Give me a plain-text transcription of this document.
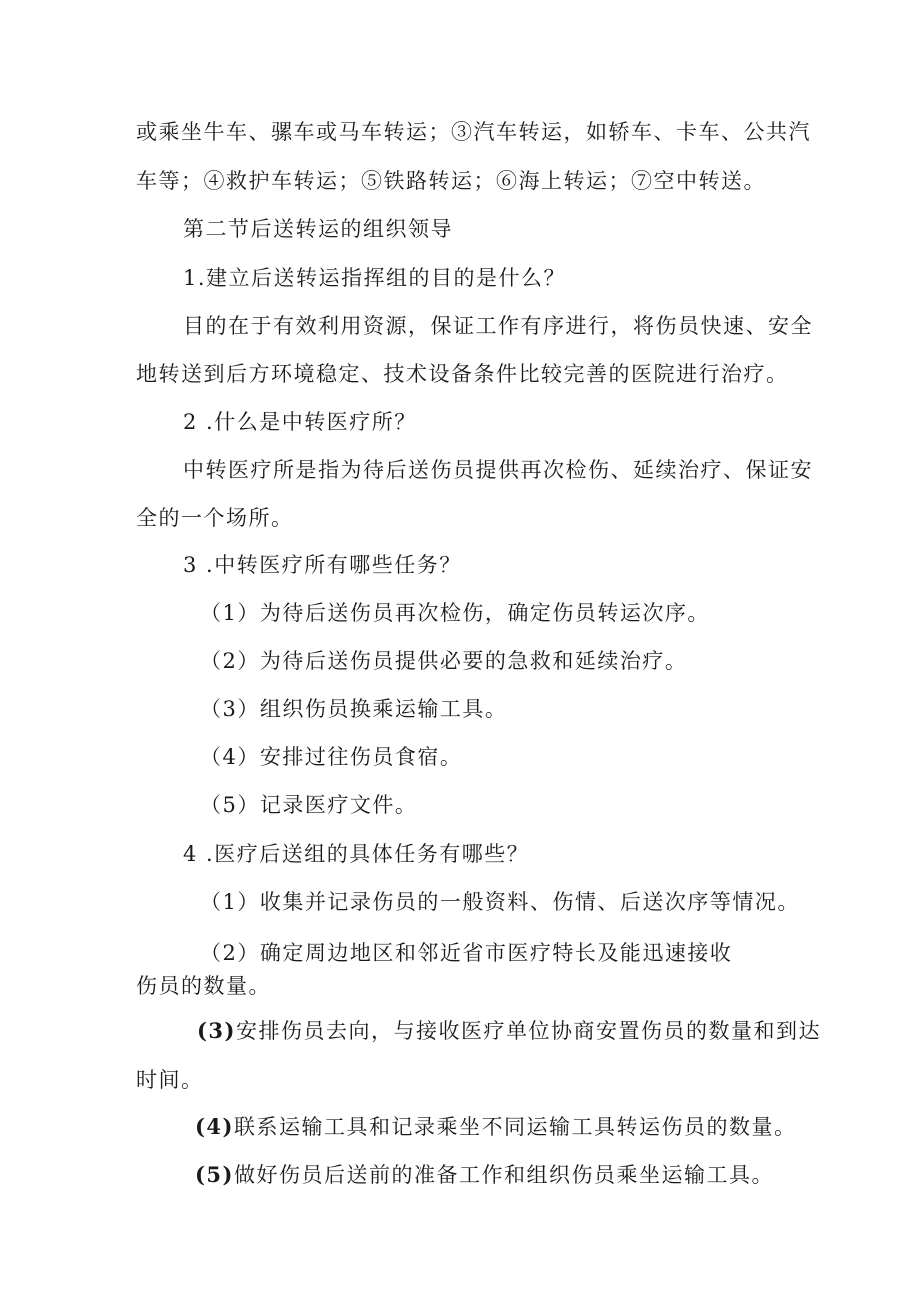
或乘坐牛车、骡车或马车转运；③汽车转运，如轿车、卡车、公共汽
车等；④救护车转运；⑤铁路转运；⑥海上转运；⑦空中转送。
第二节后送转运的组织领导
1.建立后送转运指挥组的目的是什么？
目的在于有效利用资源，保证工作有序进行，将伤员快速、安全
地转送到后方环境稳定、技术设备条件比较完善的医院进行治疗。
2 .什么是中转医疗所？
中转医疗所是指为待后送伤员提供再次检伤、延续治疗、保证安
全的一个场所。
3 .中转医疗所有哪些任务？
（1）为待后送伤员再次检伤，确定伤员转运次序。
（2）为待后送伤员提供必要的急救和延续治疗。
（3）组织伤员换乘运输工具。
（4）安排过往伤员食宿。
（5）记录医疗文件。
4 .医疗后送组的具体任务有哪些？
（1）收集并记录伤员的一般资料、伤情、后送次序等情况。
（2）确定周边地区和邻近省市医疗特长及能迅速接收
伤员的数量。
(3)安排伤员去向，与接收医疗单位协商安置伤员的数量和到达
时间。
(4)联系运输工具和记录乘坐不同运输工具转运伤员的数量。
(5)做好伤员后送前的准备工作和组织伤员乘坐运输工具。
